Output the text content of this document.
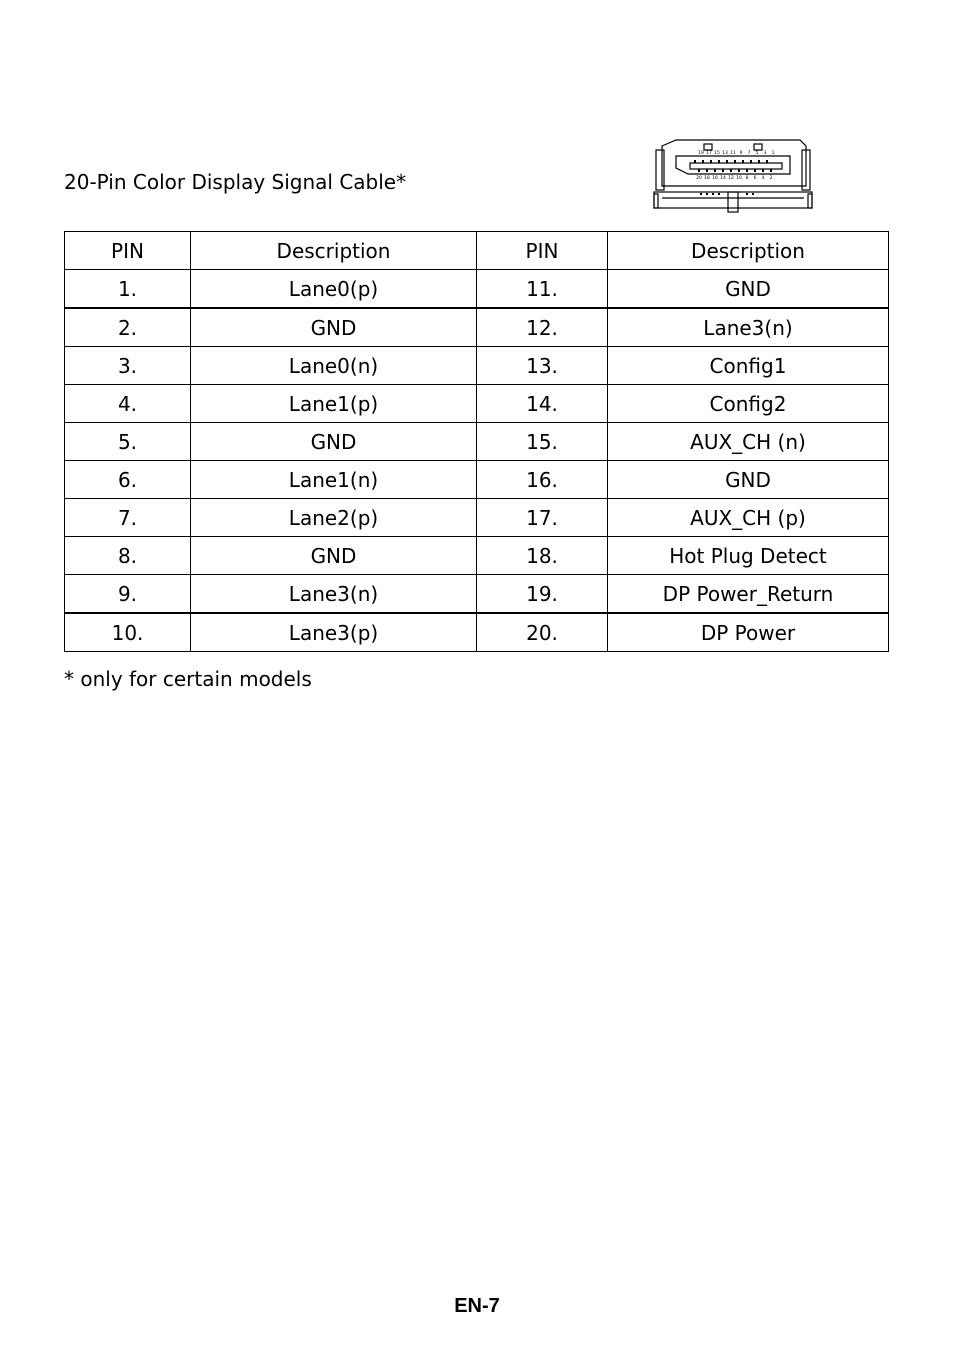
20-Pin Color Display Signal Cable*
19 17 15 13 11 9 7 5 3 1
20 18 16 14 12 10 8 6 4 2
PIN	Description	PIN	Description
1.	Lane0(p)	11.	GND
2.	GND	12.	Lane3(n)
3.	Lane0(n)	13.	Config1
4.	Lane1(p)	14.	Config2
5.	GND	15.	AUX_CH (n)
6.	Lane1(n)	16.	GND
7.	Lane2(p)	17.	AUX_CH (p)
8.	GND	18.	Hot Plug Detect
9.	Lane3(n)	19.	DP Power_Return
10.	Lane3(p)	20.	DP Power
* only for certain models
EN-7
